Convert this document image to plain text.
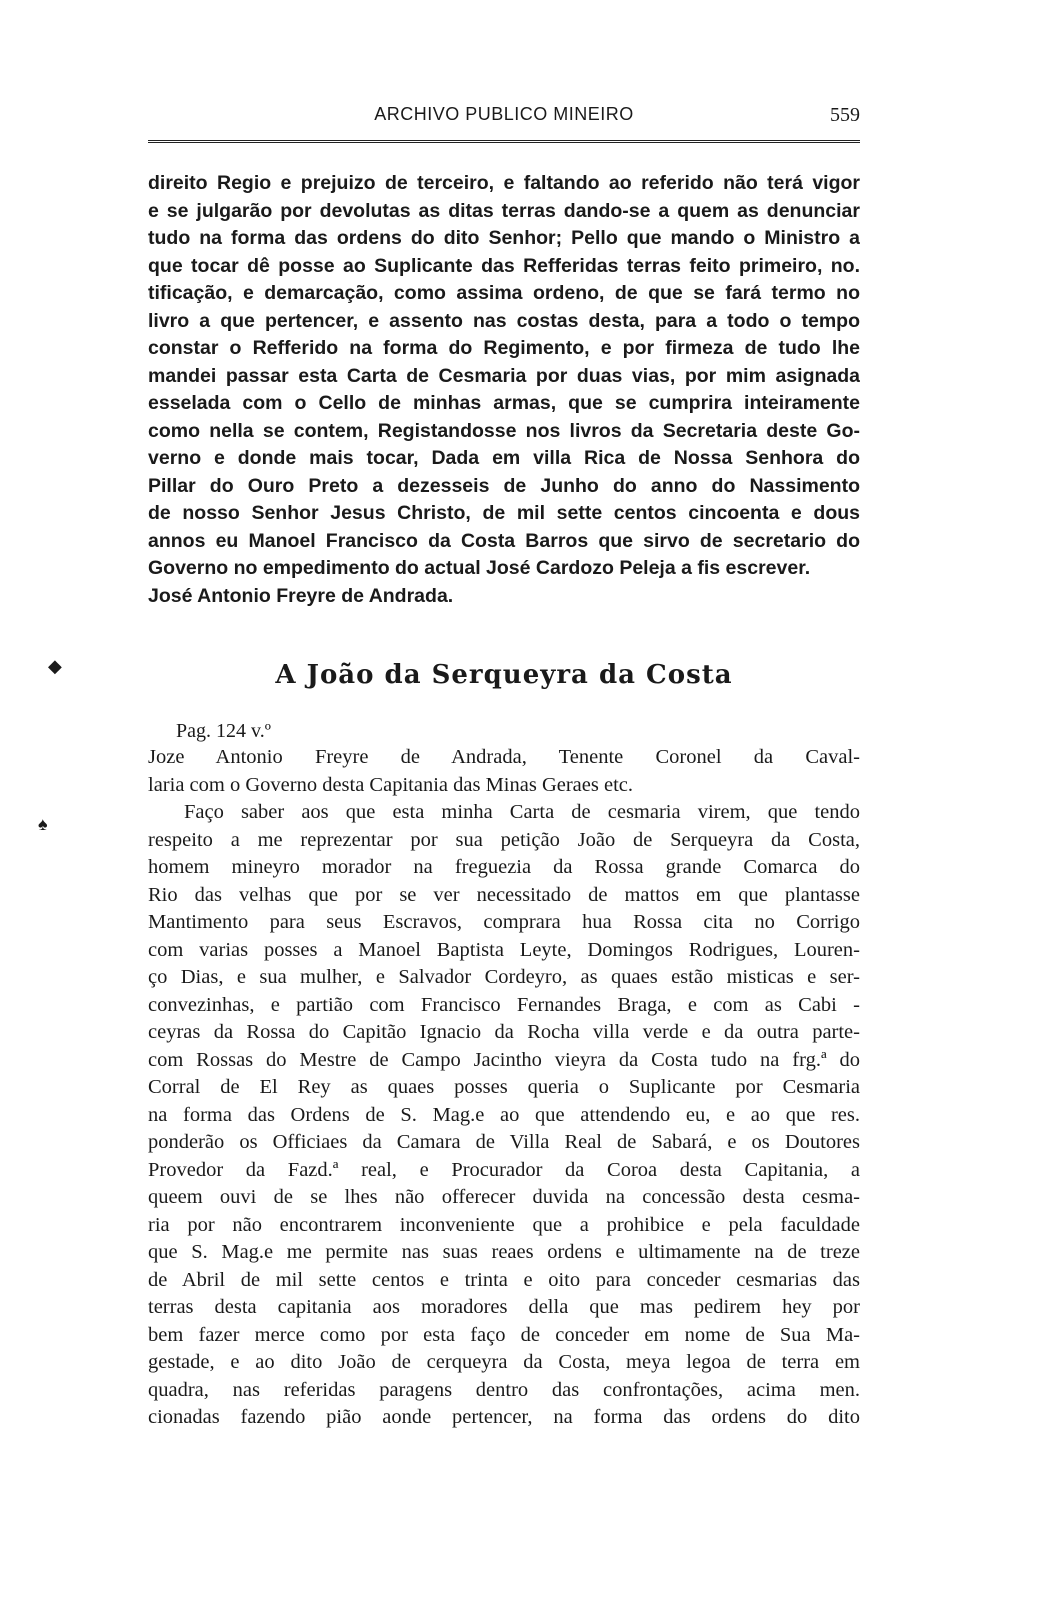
ARCHIVO PUBLICO MINEIRO	559
direito Regio e prejuizo de terceiro, e faltando ao referido não terá vigor
e se julgarão por devolutas as ditas terras dando-se a quem as denunciar
tudo na forma das ordens do dito Senhor; Pello que mando o Ministro a
que tocar dê posse ao Suplicante das Refferidas terras feito primeiro, no.
tificação, e demarcação, como assima ordeno, de que se fará termo no
livro a que pertencer, e assento nas costas desta, para a todo o tempo
constar o Refferido na forma do Regimento, e por firmeza de tudo lhe
mandei passar esta Carta de Cesmaria por duas vias, por mim asignada
esselada com o Cello de minhas armas, que se cumprira inteiramente
como nella se contem, Registandosse nos livros da Secretaria deste Go-
verno e donde mais tocar, Dada em villa Rica de Nossa Senhora do
Pillar do Ouro Preto a dezesseis de Junho do anno do Nassimento
de nosso Senhor Jesus Christo, de mil sette centos cincoenta e dous
annos eu Manoel Francisco da Costa Barros que sirvo de secretario do
Governo no empedimento do actual José Cardozo Peleja a fis escrever.
José Antonio Freyre de Andrada.
◆	A João da Serqueyra da Costa
Pag. 124 v.º
♠
Joze Antonio Freyre de Andrada, Tenente Coronel da Caval-
laria com o Governo desta Capitania das Minas Geraes etc.
Faço saber aos que esta minha Carta de cesmaria virem, que tendo
respeito a me reprezentar por sua petição João de Serqueyra da Costa,
homem mineyro morador na freguezia da Rossa grande Comarca do
Rio das velhas que por se ver necessitado de mattos em que plantasse
Mantimento para seus Escravos, comprara hua Rossa cita no Corrigo
com varias posses a Manoel Baptista Leyte, Domingos Rodrigues, Louren-
ço Dias, e sua mulher, e Salvador Cordeyro, as quaes estão misticas e ser-
convezinhas, e partião com Francisco Fernandes Braga, e com as Cabi -
ceyras da Rossa do Capitão Ignacio da Rocha villa verde e da outra parte-
com Rossas do Mestre de Campo Jacintho vieyra da Costa tudo na frg.ª do
Corral de El Rey as quaes posses queria o Suplicante por Cesmaria
na forma das Ordens de S. Mag.e ao que attendendo eu, e ao que res.
ponderão os Officiaes da Camara de Villa Real de Sabará, e os Doutores
Provedor da Fazd.ª real, e Procurador da Coroa desta Capitania, a
queem ouvi de se lhes não offerecer duvida na concessão desta cesma-
ria por não encontrarem inconveniente que a prohibice e pela faculdade
que S. Mag.e me permite nas suas reaes ordens e ultimamente na de treze
de Abril de mil sette centos e trinta e oito para conceder cesmarias das
terras desta capitania aos moradores della que mas pedirem hey por
bem fazer merce como por esta faço de conceder em nome de Sua Ma-
gestade, e ao dito João de cerqueyra da Costa, meya legoa de terra em
quadra, nas referidas paragens dentro das confrontações, acima men.
cionadas fazendo pião aonde pertencer, na forma das ordens do dito
